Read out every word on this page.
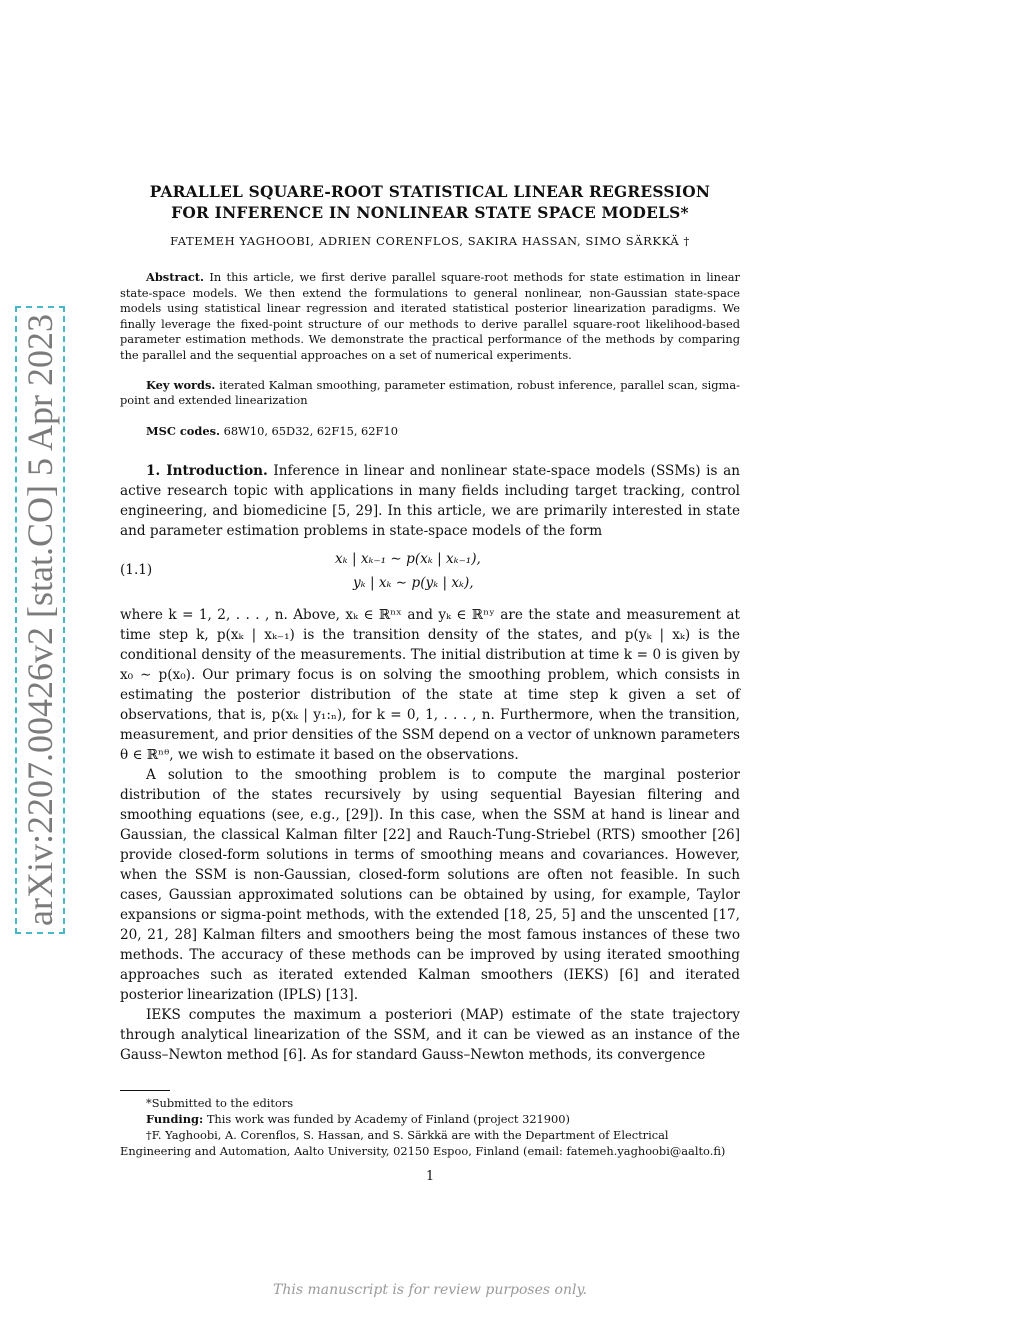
arXiv:2207.00426v2 [stat.CO] 5 Apr 2023
PARALLEL SQUARE-ROOT STATISTICAL LINEAR REGRESSION
FOR INFERENCE IN NONLINEAR STATE SPACE MODELS*
FATEMEH YAGHOOBI, ADRIEN CORENFLOS, SAKIRA HASSAN, SIMO SÄRKKÄ †
Abstract. In this article, we first derive parallel square-root methods for state estimation in linear state-space models. We then extend the formulations to general nonlinear, non-Gaussian state-space models using statistical linear regression and iterated statistical posterior linearization paradigms. We finally leverage the fixed-point structure of our methods to derive parallel square-root likelihood-based parameter estimation methods. We demonstrate the practical performance of the methods by comparing the parallel and the sequential approaches on a set of numerical experiments.
Key words. iterated Kalman smoothing, parameter estimation, robust inference, parallel scan, sigma-point and extended linearization
MSC codes. 68W10, 65D32, 62F15, 62F10

1. Introduction. Inference in linear and nonlinear state-space models (SSMs) is an active research topic with applications in many fields including target tracking, control engineering, and biomedicine [5, 29]. In this article, we are primarily interested in state and parameter estimation problems in state-space models of the form

(1.1)
xₖ | xₖ₋₁ ∼ p(xₖ | xₖ₋₁),
yₖ | xₖ ∼ p(yₖ | xₖ),

where k = 1, 2, . . . , n. Above, xₖ ∈ ℝⁿˣ and yₖ ∈ ℝⁿʸ are the state and measurement at time step k, p(xₖ | xₖ₋₁) is the transition density of the states, and p(yₖ | xₖ) is the conditional density of the measurements. The initial distribution at time k = 0 is given by x₀ ∼ p(x₀). Our primary focus is on solving the smoothing problem, which consists in estimating the posterior distribution of the state at time step k given a set of observations, that is, p(xₖ | y₁:ₙ), for k = 0, 1, . . . , n. Furthermore, when the transition, measurement, and prior densities of the SSM depend on a vector of unknown parameters θ ∈ ℝⁿᶿ, we wish to estimate it based on the observations.

A solution to the smoothing problem is to compute the marginal posterior distribution of the states recursively by using sequential Bayesian filtering and smoothing equations (see, e.g., [29]). In this case, when the SSM at hand is linear and Gaussian, the classical Kalman filter [22] and Rauch-Tung-Striebel (RTS) smoother [26] provide closed-form solutions in terms of smoothing means and covariances. However, when the SSM is non-Gaussian, closed-form solutions are often not feasible. In such cases, Gaussian approximated solutions can be obtained by using, for example, Taylor expansions or sigma-point methods, with the extended [18, 25, 5] and the unscented [17, 20, 21, 28] Kalman filters and smoothers being the most famous instances of these two methods. The accuracy of these methods can be improved by using iterated smoothing approaches such as iterated extended Kalman smoothers (IEKS) [6] and iterated posterior linearization (IPLS) [13].

IEKS computes the maximum a posteriori (MAP) estimate of the state trajectory through analytical linearization of the SSM, and it can be viewed as an instance of the Gauss–Newton method [6]. As for standard Gauss–Newton methods, its convergence

*Submitted to the editors
Funding: This work was funded by Academy of Finland (project 321900)
†F. Yaghoobi, A. Corenflos, S. Hassan, and S. Särkkä are with the Department of Electrical Engineering and Automation, Aalto University, 02150 Espoo, Finland (email: fatemeh.yaghoobi@aalto.fi)
1
This manuscript is for review purposes only.
